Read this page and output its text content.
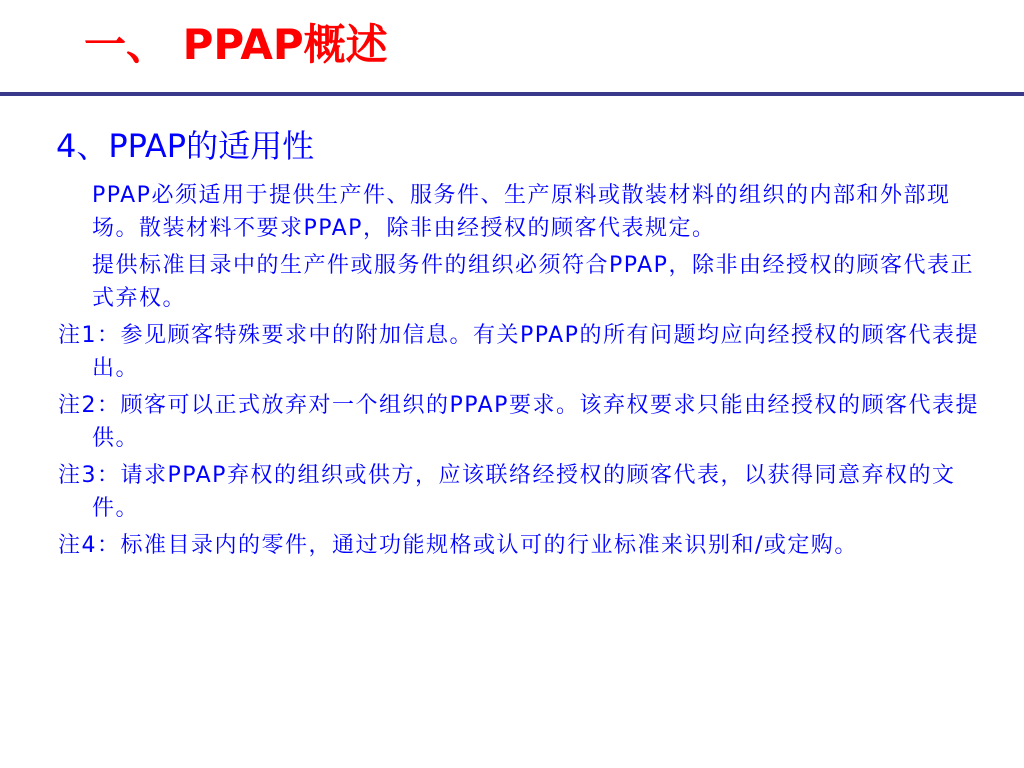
一、 PPAP概述
4、PPAP的适用性

PPAP必须适用于提供生产件、服务件、生产原料或散装材料的组织的内部和外部现场。散装材料不要求PPAP，除非由经授权的顾客代表规定。

提供标准目录中的生产件或服务件的组织必须符合PPAP，除非由经授权的顾客代表正式弃权。

注1：参见顾客特殊要求中的附加信息。有关PPAP的所有问题均应向经授权的顾客代表提出。

注2：顾客可以正式放弃对一个组织的PPAP要求。该弃权要求只能由经授权的顾客代表提供。

注3：请求PPAP弃权的组织或供方，应该联络经授权的顾客代表，以获得同意弃权的文件。

注4：标准目录内的零件，通过功能规格或认可的行业标准来识别和/或定购。
